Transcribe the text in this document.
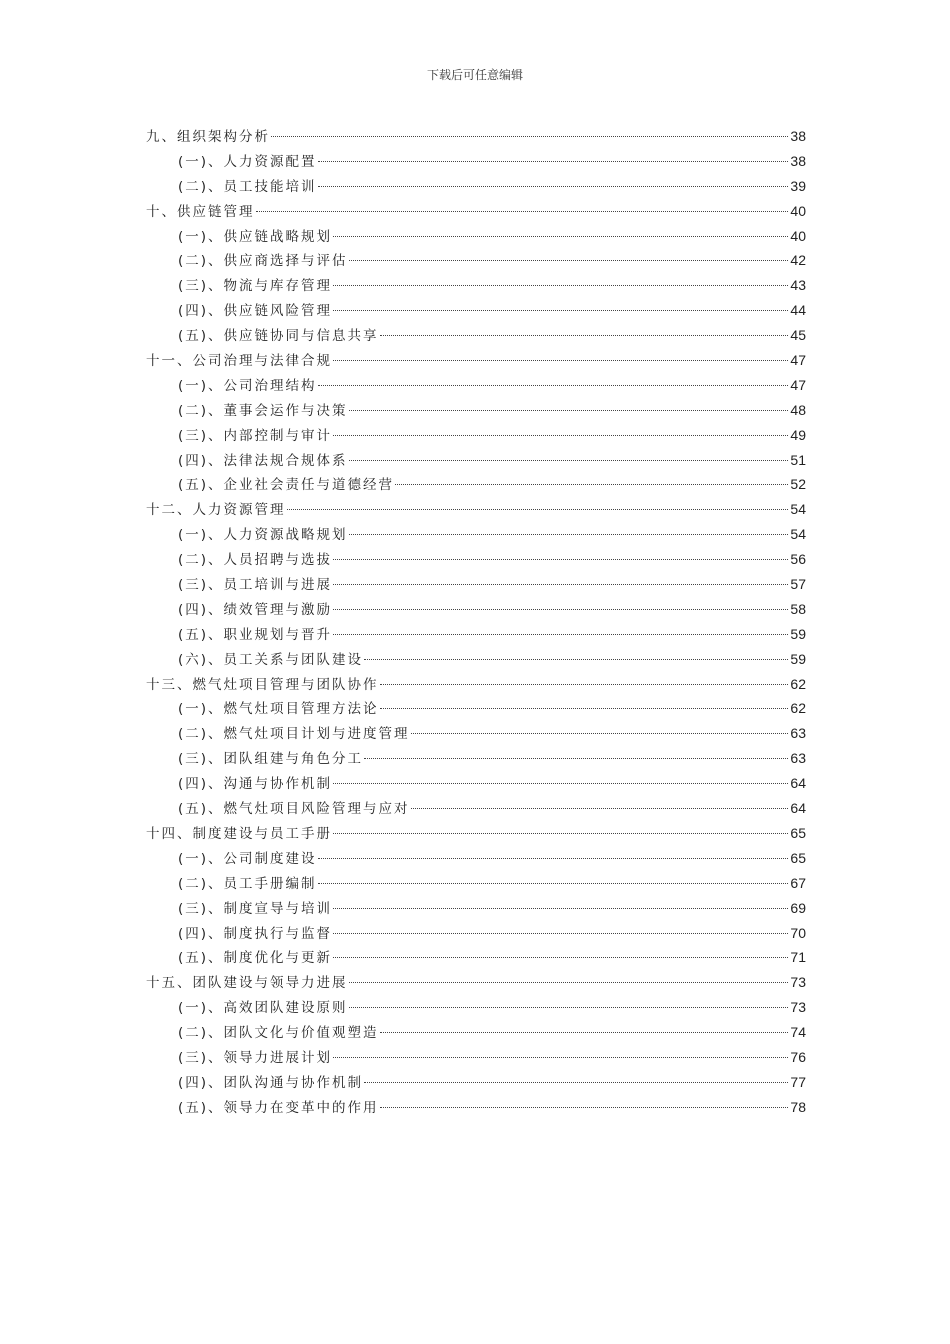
下载后可任意编辑
九、组织架构分析	38
(一)、人力资源配置	38
(二)、员工技能培训	39
十、供应链管理	40
(一)、供应链战略规划	40
(二)、供应商选择与评估	42
(三)、物流与库存管理	43
(四)、供应链风险管理	44
(五)、供应链协同与信息共享	45
十一、公司治理与法律合规	47
(一)、公司治理结构	47
(二)、董事会运作与决策	48
(三)、内部控制与审计	49
(四)、法律法规合规体系	51
(五)、企业社会责任与道德经营	52
十二、人力资源管理	54
(一)、人力资源战略规划	54
(二)、人员招聘与选拔	56
(三)、员工培训与进展	57
(四)、绩效管理与激励	58
(五)、职业规划与晋升	59
(六)、员工关系与团队建设	59
十三、燃气灶项目管理与团队协作	62
(一)、燃气灶项目管理方法论	62
(二)、燃气灶项目计划与进度管理	63
(三)、团队组建与角色分工	63
(四)、沟通与协作机制	64
(五)、燃气灶项目风险管理与应对	64
十四、制度建设与员工手册	65
(一)、公司制度建设	65
(二)、员工手册编制	67
(三)、制度宣导与培训	69
(四)、制度执行与监督	70
(五)、制度优化与更新	71
十五、团队建设与领导力进展	73
(一)、高效团队建设原则	73
(二)、团队文化与价值观塑造	74
(三)、领导力进展计划	76
(四)、团队沟通与协作机制	77
(五)、领导力在变革中的作用	78
